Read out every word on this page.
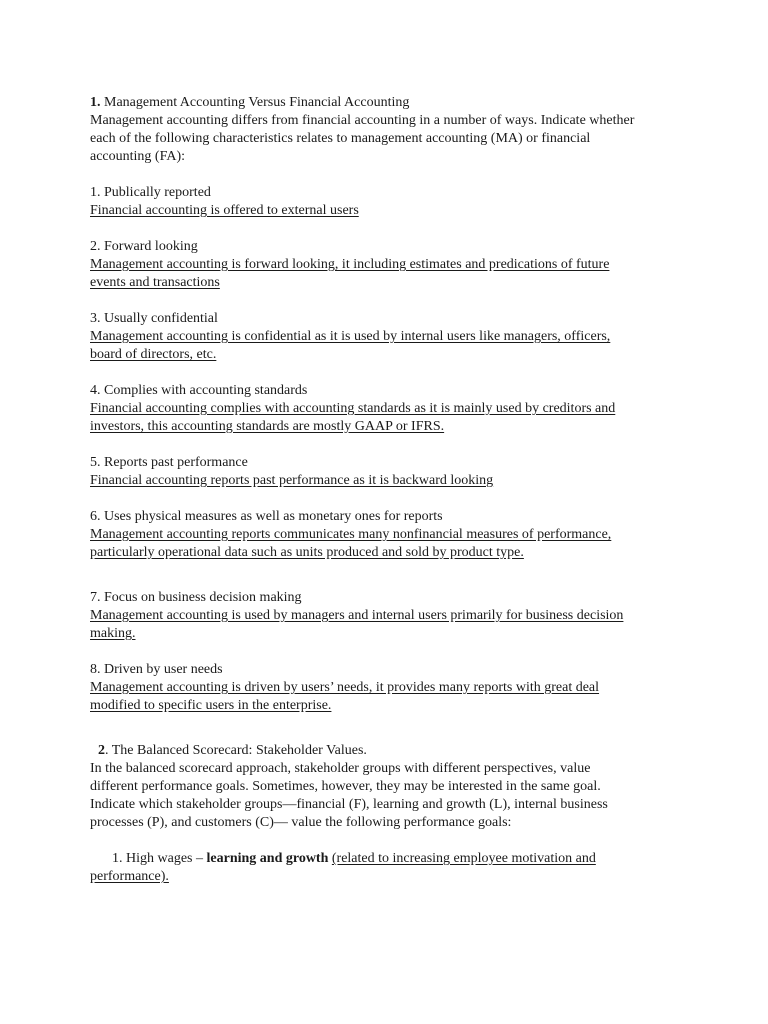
1. Management Accounting Versus Financial Accounting

Management accounting differs from financial accounting in a number of ways. Indicate whether

each of the following characteristics relates to management accounting (MA) or financial

accounting (FA):

1. Publically reported

Financial accounting is offered to external users

2. Forward looking

Management accounting is forward looking, it including estimates and predications of future

events and transactions

3. Usually confidential

Management accounting is confidential as it is used by internal users like managers, officers,

board of directors, etc.

4. Complies with accounting standards

Financial accounting complies with accounting standards as it is mainly used by creditors and

investors, this accounting standards are mostly GAAP or IFRS.

5. Reports past performance

Financial accounting reports past performance as it is backward looking

6. Uses physical measures as well as monetary ones for reports

Management accounting reports communicates many nonfinancial measures of performance,

particularly operational data such as units produced and sold by product type.

7. Focus on business decision making

Management accounting is used by managers and internal users primarily for business decision

making.

8. Driven by user needs

Management accounting is driven by users’ needs, it provides many reports with great deal

modified to specific users in the enterprise.

2. The Balanced Scorecard: Stakeholder Values.

In the balanced scorecard approach, stakeholder groups with different perspectives, value

different performance goals. Sometimes, however, they may be interested in the same goal.

Indicate which stakeholder groups—financial (F), learning and growth (L), internal business

processes (P), and customers (C)— value the following performance goals:

1. High wages – learning and growth (related to increasing employee motivation and

performance).
